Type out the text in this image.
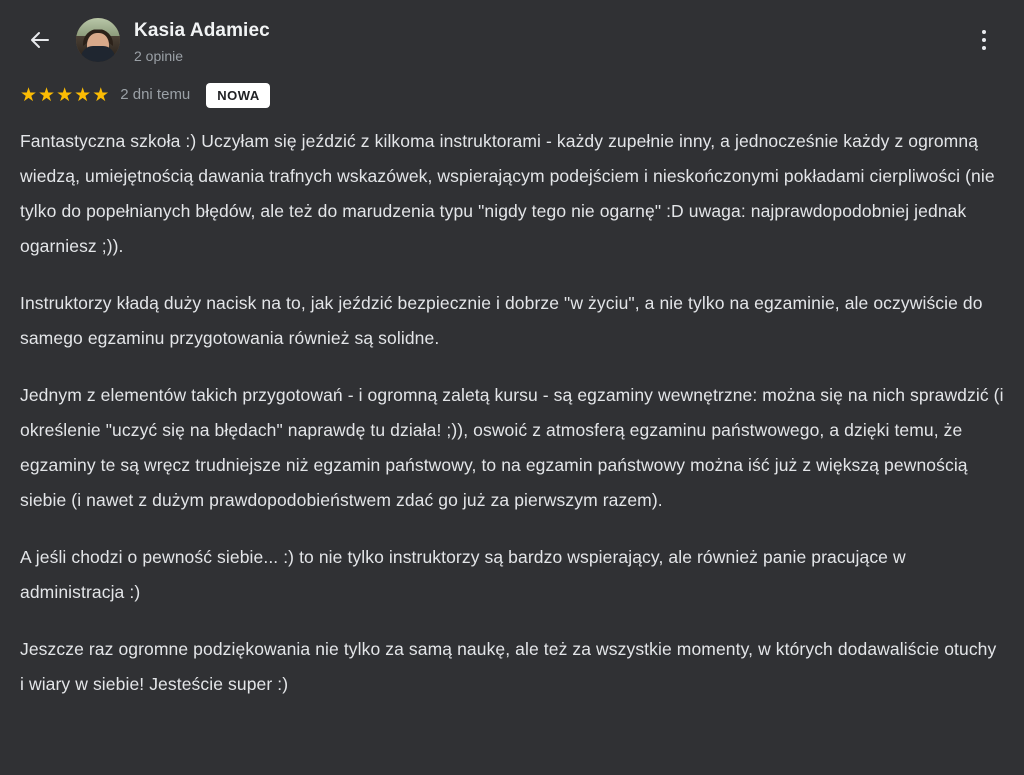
Kasia Adamiec
2 opinie
★ ★ ★ ★ ★ 2 dni temu	NOWA

Fantastyczna szkoła :) Uczyłam się jeździć z kilkoma instruktorami - każdy zupełnie inny, a jednocześnie każdy z ogromną wiedzą, umiejętnością dawania trafnych wskazówek, wspierającym podejściem i nieskończonymi pokładami cierpliwości (nie tylko do popełnianych błędów, ale też do marudzenia typu "nigdy tego nie ogarnę" :D uwaga: najprawdopodobniej jednak ogarniesz ;)).

Instruktorzy kładą duży nacisk na to, jak jeździć bezpiecznie i dobrze "w życiu", a nie tylko na egzaminie, ale oczywiście do samego egzaminu przygotowania również są solidne.

Jednym z elementów takich przygotowań - i ogromną zaletą kursu - są egzaminy wewnętrzne: można się na nich sprawdzić (i określenie "uczyć się na błędach" naprawdę tu działa! ;)), oswoić z atmosferą egzaminu państwowego, a dzięki temu, że egzaminy te są wręcz trudniejsze niż egzamin państwowy, to na egzamin państwowy można iść już z większą pewnością siebie (i nawet z dużym prawdopodobieństwem zdać go już za pierwszym razem).

A jeśli chodzi o pewność siebie... :) to nie tylko instruktorzy są bardzo wspierający, ale również panie pracujące w administracja :)

Jeszcze raz ogromne podziękowania nie tylko za samą naukę, ale też za wszystkie momenty, w których dodawaliście otuchy i wiary w siebie! Jesteście super :)
